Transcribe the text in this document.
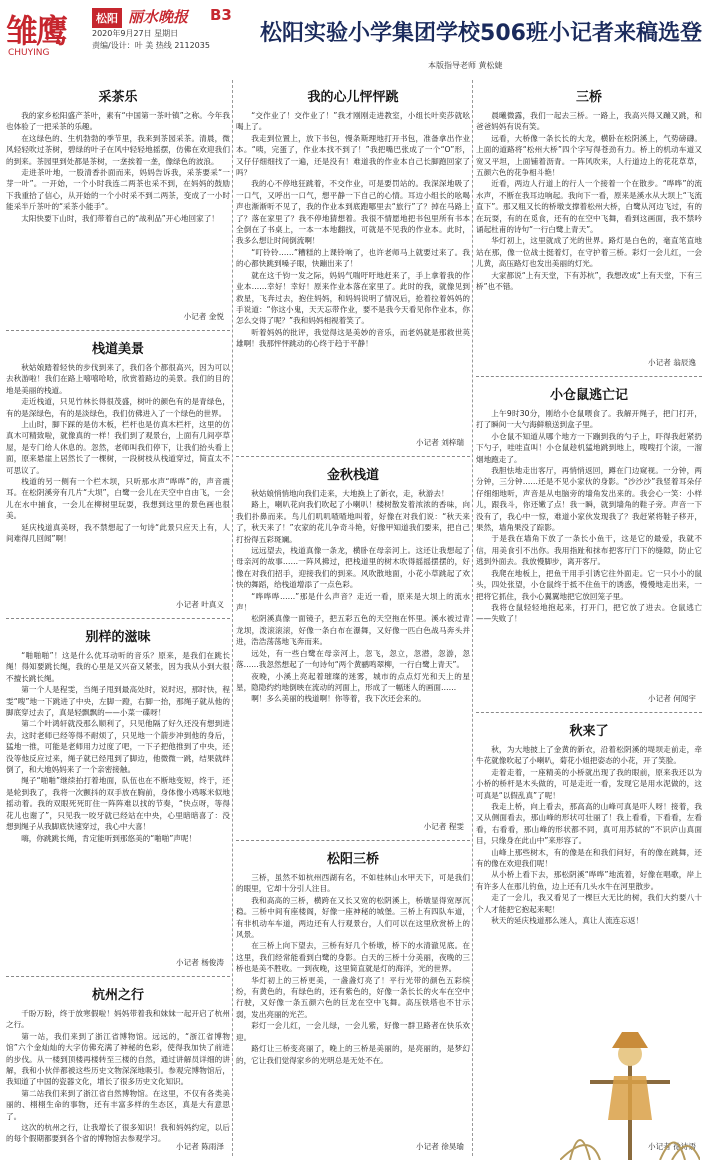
雏鹰
CHUYING
松阳 丽水晚报 B3
2020年9月27日 星期日
责编/设计：叶 美 热线 2112035 松阳实验小学集团学校506班小记者来稿选登
本版指导老师 黄松婕
采茶乐

我的家乡松阳盛产茶叶，素有“中国第一茶叶镇”之称。今年我也体验了一把采茶的乐趣。

在这绿色的、生机勃勃的季节里，我来到茶园采茶。清晨，微风轻轻吹过茶树，碧绿的叶子在风中轻轻地摇摆，仿佛在欢迎我们的到来。茶园里到处都是茶树，一垄挨着一垄，像绿色的波浪。

走进茶叶地，一股清香扑面而来，妈妈告诉我，采茶要采“一芽一叶”。一开始，一个小时我连二两茶也采不到，在妈妈的鼓励下我重拾了信心，从开始的一个小时采不到二两茶，变成了一小时能采半斤茶叶的“采茶小能手”。

太阳快要下山时，我们带着自己的“战利品”开心地回家了！

小记者 金悦
栈道美景

秋姑娘踏着轻快的步伐到来了，我们各个都很高兴，因为可以去秋游啦！我们在路上嘻嘻哈哈，欣赏着路边的美景。我们的目的地是美丽的栈道。

走近栈道，只见竹林长得很茂盛，树叶的颜色有的是青绿色，有的是深绿色，有的是淡绿色，我们仿佛进入了一个绿色的世界。

上山时，脚下踩的是仿木板，栏杆也是仿真木栏杆，这里的仿真木可精致啦，就像真的一样！我们到了观景台，上面有几间亭草屋，是专门给人休息的。忽然，老师叫我们停下，让我们抬头看上面，原来悬崖上居然长了一棵树，一段树枝从栈道穿过，简直太不可思议了。

栈道的另一侧有一个栏木坝，只听那水声“哗哗”的，声音震耳。在松阴溪旁有几片“大坝”，白鹭一会儿在天空中自由飞，一会儿在水中捕食，一会儿在柳树里玩耍，我想到这里的景色画也很美。

延庆栈道真美呀，我不禁想起了一句诗“此景只应天上有，人间难得几回闻”啊！

小记者 叶真义
别样的滋味

“啪啪啪”！这是什么优耳动听的音乐？原来，是我们在跳长绳！得知要跳长绳，我的心里是又兴奋又紧张，因为我从小到大很不擅长跳长绳。

第一个人是程雯，当绳子甩到最高处时，说时迟，那时快，程雯“嗖”地一下跳进了中央，左脚一蹬，右脚一抬，那绳子就从他的脚底穿过去了，真是轻飘飘的——小菜一碟呀！

第二个叶鸿轩就没那么顺利了，只见他隔了好久还没有想到进去，这时老师已经等得不耐烦了，只见地一个箭步冲到他的身后，猛地一推，可能是老师用力过度了吧，一下子把他推到了中央，还没等他反应过来，绳子就已经甩到了脚边，他微微一跳，结果就绊倒了，和大地妈妈来了一个亲密接触。

绳子“啪啪”继续拍打着地面，队伍也在不断地变短，终于，还是轮到我了，我将一次颤抖的双手放在胸前，身体像小鸡啄米似地摇动着。我的双眼死死盯住一阵阵难以找的节奏，“快点呀，等得花儿也谢了”，只见我一咬牙就已经站在中央，心里暗暗喜了：没想到绳子从我脚底快速穿过，我心中大喜！

嗨，你跳跳长绳，肯定能听到那悠美的“啪啪”声呢！

小记者 杨俊涛
杭州之行

千盼万盼，终于放寒假啦！妈妈带着我和妹妹一起开启了杭州之行。

第一站，我们来到了浙江省博物馆。远远的，“浙江省博物馆”六个金灿灿的大字仿佛充满了神秘的色彩，使得我加快了前进的步伐。从一楼到顶楼再楼转至三楼的自然，通过讲解员详细的讲解，我和小伙伴都被这些历史文物深深地吸引。参观完博物馆后，我知道了中国的瓷器文化，增长了很多历史文化知识。

第二站我们来到了浙江省自然博物馆。在这里，不仅有各类美丽的、栩栩生命的事物，还有丰富多样的生态区，真是大有意思了。

这次的杭州之行，让我增长了很多知识！我和妈妈约定，以后的每个假期都要到各个省的博物馆去参观学习。

小记者 陈雨泽
我的心儿怦怦跳

“交作业了！交作业了！”我才刚刚走进教室，小组长叶奕莎就吆喝上了。

我走到位置上，放下书包，慢条斯理地打开书包，准备拿出作业本。“咦，完蛋了，作业本找不到了！”我把嘴巴张成了一个“O”形，又仔仔细细找了一遍，还是没有！难道我的作业本自己长脚跑回家了吗？

我的心不停地狂跳着，不交作业，可是要罚站的。我深深地吸了一口气，又呼出一口气，想平静一下自己的心情。耳边小组长的吆喝声也渐渐听不见了，我的作业本到底跑哪里去“旅行”了？掉在马路上了？落在家里了？我不停地猜想着。我很不情愿地把书包里所有书本全倒在了书桌上，一本一本地翻找，可就是不见我的作业本。此时，我多么想让时间倒流啊！

“叮铃铃……”糟糕的上课铃响了，也许老师马上就要过来了。我的心都快跳到嗓子眼，快蹦出来了！

就在这千钧一发之际，妈妈气喘吁吁地赶来了，手上拿着我的作业本……幸好！幸好！原来作业本落在家里了。此时的我，就像见到救星，飞奔过去，抱住妈妈，和妈妈说明了情况后，抢着拉着妈妈的手说道：“你这小鬼，天天忘带作业，要不是我今天看见你作业本，你怎么交得了呢？”我和妈妈相视着笑了。

听着妈妈的批评，我觉得这是美妙的音乐，而老妈就是那救世英雄啊！我那怦怦跳动的心终于趋于平静！

小记者 刘梓瑞
金秋栈道

秋姑娘悄悄地向我们走来，大地换上了新衣，走，秋游去！

路上，喇叭花向我们吹起了小喇叭！楼树散发着浓浓的香味，向我们扑鼻而来。鸟儿们叽叽喳喳地叫着，好像在对我们说：“秋天来了，秋天来了！”农家的花儿争奇斗艳，好像甲知道我们要来，把自己打扮得五彩斑斓。

远远望去，栈道真像一条龙，横卧在母亲河上。这还让我想起了母亲河的故事……一阵风拂过，把栈道里的树木吹得摇摇摆摆的，好像在对我们招手，迎接我们的到来。风吹散地面，小花小草跳起了欢快的舞蹈，给栈道增添了一点色彩。

“哗哗哗……”那是什么声音？走近一看，原来是大坝上的流水声！

松阴溪真像一面镜子，把五彩五色的天空拖在怀里。溪水被过青龙坝，泼滚滚滚，好像一条白布在瀑舞，又好像一匹白色战马奔头并进，浩浩荡荡地飞奔而来。

远处，有一些白鹭在母亲河上，忽飞，忽立，忽潜，忽游，忽落……我忽然想起了一句诗句“两个黄鹂鸣翠柳，一行白鹭上青天”。

夜晚，小溪上亮起着璀璨的迷雾，城市的点点灯光和天上的星星，隐隐约约地倒映在流动的河面上，形成了一幅迷人的画面……

啊！多么美丽的栈道啊！你等着，我下次还会来的。

小记者 程雯
松阳三桥

三桥，虽然不如杭州西湖有名，不如桂林山水甲天下，可是我们的眼里，它却十分引人注目。

我和高高的三桥，横跨在又长又宽的松阴溪上，桥墩显得宽厚沉稳。三桥中间有座楼阁，好像一座神秘的城堡。三桥上有四队车道，有非机动车车道，两边还有人行观景台，人们可以在这里欣赏桥上的风景。

在三桥上向下望去，三桥有好几个桥墩，桥下的水清澈见底。在这里，我们经常能看到白鹭的身影。白天的三桥十分美丽，夜晚的三桥也是美不胜收。一到夜晚，这里简直就是灯的海洋，光的世界。

华灯初上的三桥更美，一盏盏灯亮了！平行光带的颜色五彩缤纷，有黄色的，有绿色的，还有紫色的，好像一条长长的火车在空中行驶，又好像一条五颜六色的巨龙在空中飞舞。高压铁塔也不甘示弱，发出亮丽的光芒。

彩灯一会儿红，一会儿绿，一会儿紫，好像一群卫路者在快乐欢迎。

路灯让三桥变亮丽了，晚上的三桥是美丽的，是亮丽的，是梦幻的，它让我们觉得家乡的光明总是无处不在。

小记者 徐昊瑜
三桥

晨曦微露，我们一起去三桥。一路上，我高兴得又蹦又跳，和爸爸妈妈有说有笑。

远看，大桥像一条长长的大龙，横卧在松阴溪上，气势磅礴。上面的道路将“松州大桥”四个字写得苍劲有力。桥上的机动车道又宽又平坦，上面铺着沥青。一阵风吹来，人行道边上的花花草草，五颜六色的花争相斗艳！

近看，两边人行道上的行人一个接着一个在散步。“哗哗”的流水声，不断在我耳边响起。我向下一看，原来是溪水从大坝上“飞流直下”。那又粗又长的桥墩支撑着松州大桥，白鹭从河边飞过，有的在玩耍，有的在觅食，还有的在空中飞舞，看到这画面，我不禁吟诵起杜甫的诗句“一行白鹭上青天”。

华灯初上，这里就成了光的世界。路灯是白色的，毫直笔直地站在那，像一位战士挺着灯，在守护着三桥。彩灯一会儿红，一会儿黄，高压路灯也发出美丽的灯光。

大家都说“上有天堂，下有苏杭”，我想改成“上有天堂，下有三桥”也不错。

小记者 翁辰逸
小仓鼠逃亡记

上午9时30分，刚给小仓鼠喂食了。我解开绳子，把门打开，打了瞬间一大勺海鲜粮送到盒子里。

小仓鼠不知道从哪个地方一下蹦到我的勺子上，吓得我赶紧扔下勺子，哇哇直叫！小仓鼠趁机猛地跳到地上，嗖嗖打个滚，一溜烟地跑走了。

我胆怯地走出客厅，再悄悄返回，蹲在门边窥视。一分钟，两分钟，三分钟……还是不见小家伙的身影。“沙沙沙”我竖着耳朵仔仔细细地听，声音是从电脑旁的墙角发出来的。我会心一笑：小样儿，跟我斗，你还嫩了点！我一瞬，就到墙角的鞋子旁。声音一下没有了，我心中一惊，难道小家伙发现我了？我赶紧将鞋子移开，果然，墙角果没了踪影。

于是我在墙角下放了一条长小鱼干，这是它的最爱，我就不信，用美食引不出你。我用指趾和抹布把客厅门下的缝隙，防止它逃到外面去。我放慢脚步，离开客厅。

我爬在地板上，把鱼干用手引诱它往外面走。它一只小小的鼠头，四处张望，小仓鼠终于抵不住鱼干的诱惑，慢慢地走出来，一把将它抓住，我小心翼翼地把它放回笼子里。

我将仓鼠轻轻地抱起来，打开门，把它放了进去。仓鼠逃亡——失败了！

小记者 何闻宇
秋来了

秋，为大地披上了金黄的新衣，沿着松阴溪的堤坝走前走，牵牛花就像吹起了小喇叭，菊花小姐把姿态的小花，开了笑脸。

走着走着，一座精美的小桥就出现了我的眼前，原来我还以为小桥的桥杆是木头做的，可是走近一看，发现它是用水泥做的，这可真是“以假乱真”了呢！

我走上桥，向上看去，那高高的山峰可真是吓人呀！接着，我又从侧面看去，那山峰的形状可壮丽了！我上看看，下看看，左看看，右看看，那山峰的形状都不同，真可用苏轼的“不识庐山真面目，只缘身在此山中”来形容了。

山峰上那些树木，有的像是在和我们问好，有的像在跳舞，还有的像在欢迎我们呢！

从小桥上看下去，那松阴溪“哗哗”地流着，好像在唱歌，岸上有许多人在那儿钓鱼，边上还有几头水牛在河里散步。

走了一会儿，我又看见了一棵巨大无比的树，我们大约要八十个人才能把它抱起来呢！

秋天的延庆栈道那么迷人，真让人流连忘返！

小记者 徐诗语
